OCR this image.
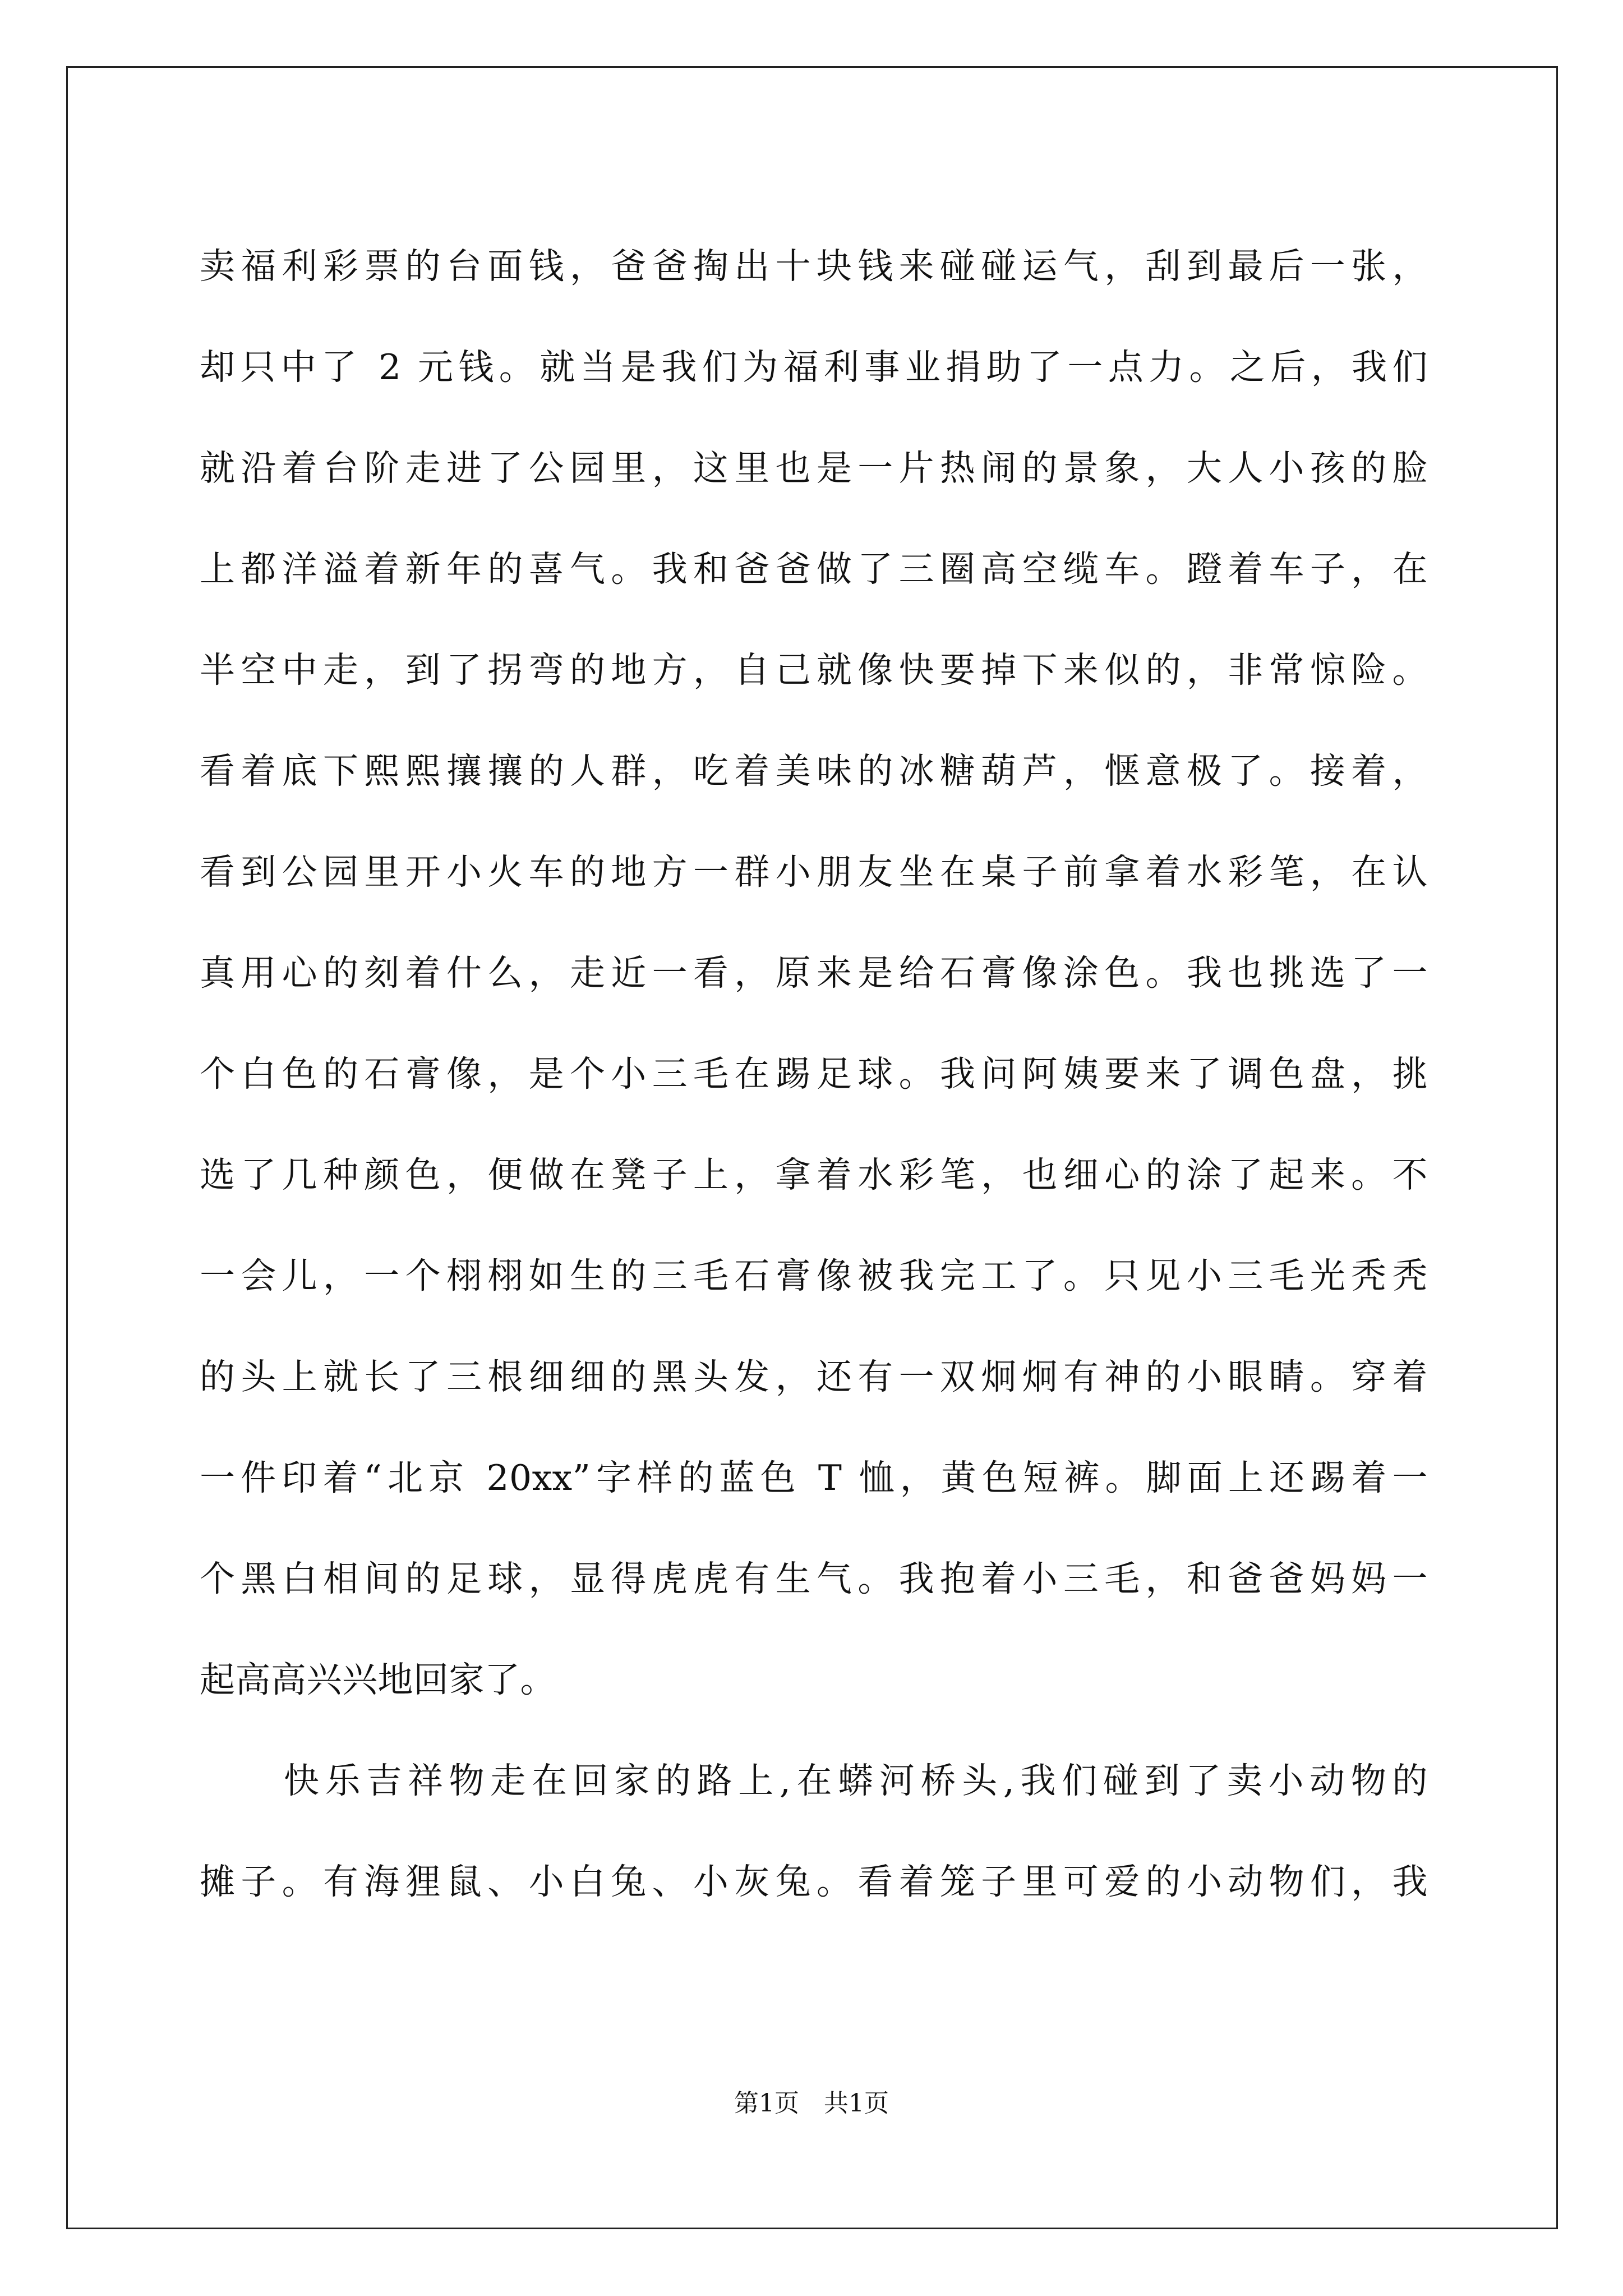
卖福利彩票的台面钱，爸爸掏出十块钱来碰碰运气，刮到最后一张，
却只中了 2 元钱。就当是我们为福利事业捐助了一点力。之后，我们
就沿着台阶走进了公园里，这里也是一片热闹的景象，大人小孩的脸
上都洋溢着新年的喜气。我和爸爸做了三圈高空缆车。蹬着车子，在
半空中走，到了拐弯的地方，自己就像快要掉下来似的，非常惊险。
看着底下熙熙攘攘的人群，吃着美味的冰糖葫芦，惬意极了。接着，
看到公园里开小火车的地方一群小朋友坐在桌子前拿着水彩笔，在认
真用心的刻着什么，走近一看，原来是给石膏像涂色。我也挑选了一
个白色的石膏像，是个小三毛在踢足球。我问阿姨要来了调色盘，挑
选了几种颜色，便做在凳子上，拿着水彩笔，也细心的涂了起来。不
一会儿，一个栩栩如生的三毛石膏像被我完工了。只见小三毛光秃秃
的头上就长了三根细细的黑头发，还有一双炯炯有神的小眼睛。穿着
一件印着“北京 20xx”字样的蓝色 T 恤，黄色短裤。脚面上还踢着一
个黑白相间的足球，显得虎虎有生气。我抱着小三毛，和爸爸妈妈一
起高高兴兴地回家了。
快乐吉祥物走在回家的路上,在蟒河桥头,我们碰到了卖小动物的
摊子。有海狸鼠、小白兔、小灰兔。看着笼子里可爱的小动物们，我
第1页　共1页
